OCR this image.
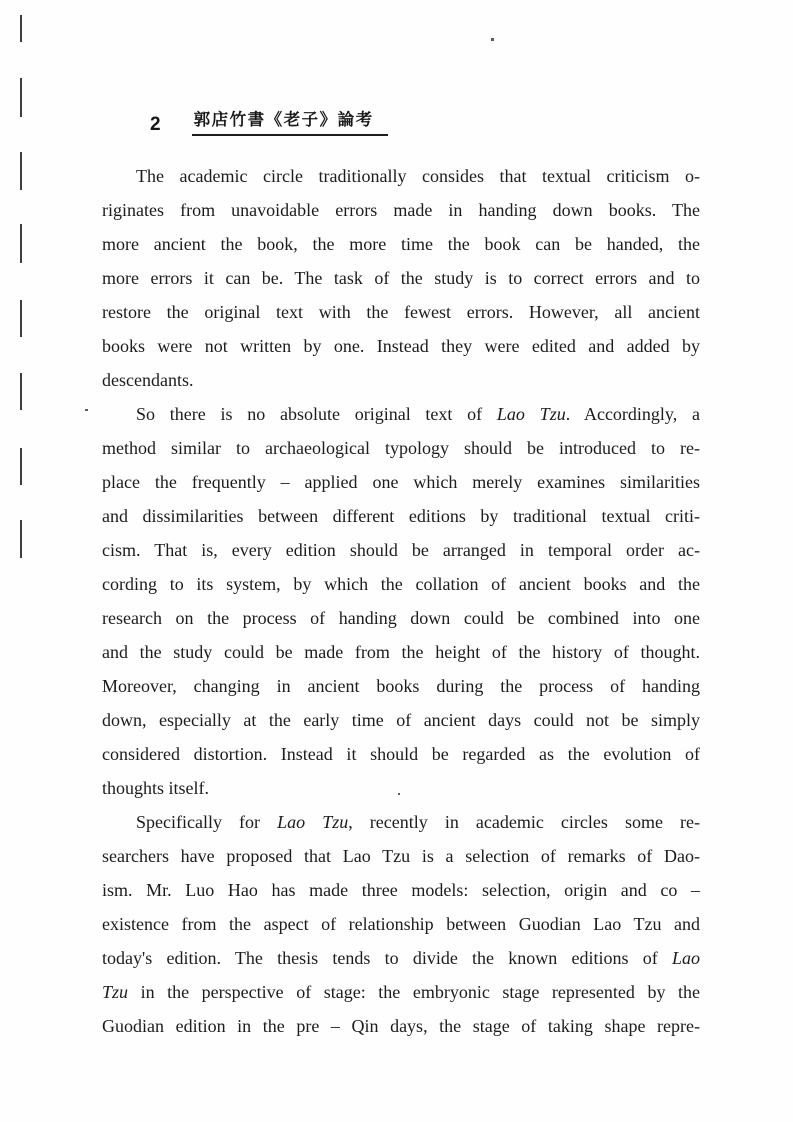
2 郭店竹書《老子》論考
The academic circle traditionally consides that textual criticism o-
riginates from unavoidable errors made in handing down books. The
more ancient the book, the more time the book can be handed, the
more errors it can be. The task of the study is to correct errors and to
restore the original text with the fewest errors. However, all ancient
books were not written by one. Instead they were edited and added by
descendants.
So there is no absolute original text of Lao Tzu. Accordingly, a
method similar to archaeological typology should be introduced to re-
place the frequently – applied one which merely examines similarities
and dissimilarities between different editions by traditional textual criti-
cism. That is, every edition should be arranged in temporal order ac-
cording to its system, by which the collation of ancient books and the
research on the process of handing down could be combined into one
and the study could be made from the height of the history of thought.
Moreover, changing in ancient books during the process of handing
down, especially at the early time of ancient days could not be simply
considered distortion. Instead it should be regarded as the evolution of
thoughts itself.
Specifically for Lao Tzu, recently in academic circles some re-
searchers have proposed that Lao Tzu is a selection of remarks of Dao-
ism. Mr. Luo Hao has made three models: selection, origin and co –
existence from the aspect of relationship between Guodian Lao Tzu and
today's edition. The thesis tends to divide the known editions of Lao
Tzu in the perspective of stage: the embryonic stage represented by the
Guodian edition in the pre – Qin days, the stage of taking shape repre-
